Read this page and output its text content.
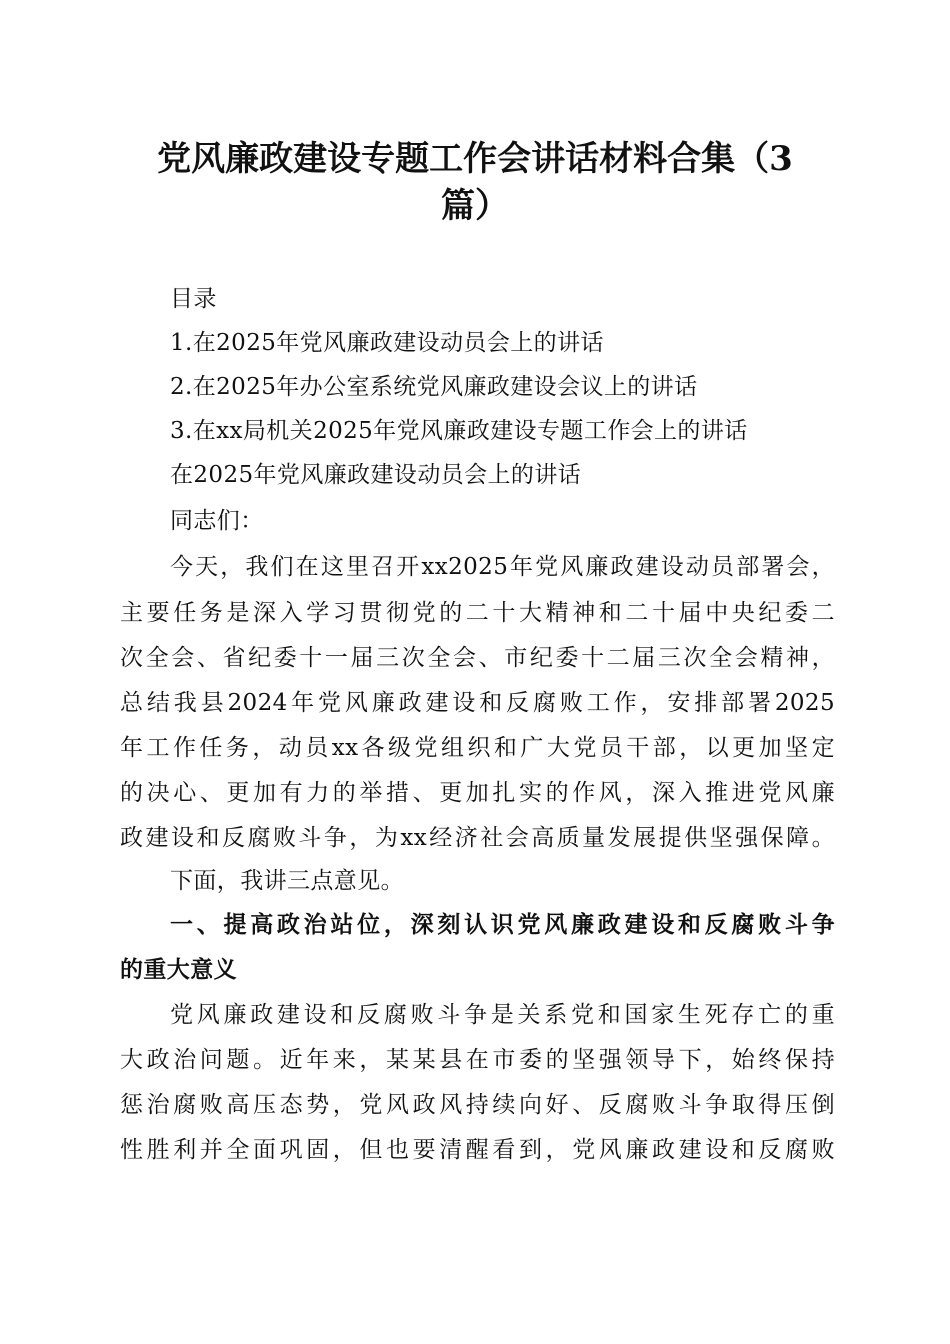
党风廉政建设专题工作会讲话材料合集（3
篇）
目录
1.在2025年党风廉政建设动员会上的讲话
2.在2025年办公室系统党风廉政建设会议上的讲话
3.在xx局机关2025年党风廉政建设专题工作会上的讲话
在2025年党风廉政建设动员会上的讲话
同志们：
今天，我们在这里召开xx2025年党风廉政建设动员部署会，
主要任务是深入学习贯彻党的二十大精神和二十届中央纪委二
次全会、省纪委十一届三次全会、市纪委十二届三次全会精神，
总结我县2024年党风廉政建设和反腐败工作，安排部署2025
年工作任务，动员xx各级党组织和广大党员干部，以更加坚定
的决心、更加有力的举措、更加扎实的作风，深入推进党风廉
政建设和反腐败斗争，为xx经济社会高质量发展提供坚强保障。
下面，我讲三点意见。
一、提高政治站位，深刻认识党风廉政建设和反腐败斗争
的重大意义
党风廉政建设和反腐败斗争是关系党和国家生死存亡的重
大政治问题。近年来，某某县在市委的坚强领导下，始终保持
惩治腐败高压态势，党风政风持续向好、反腐败斗争取得压倒
性胜利并全面巩固，但也要清醒看到，党风廉政建设和反腐败
